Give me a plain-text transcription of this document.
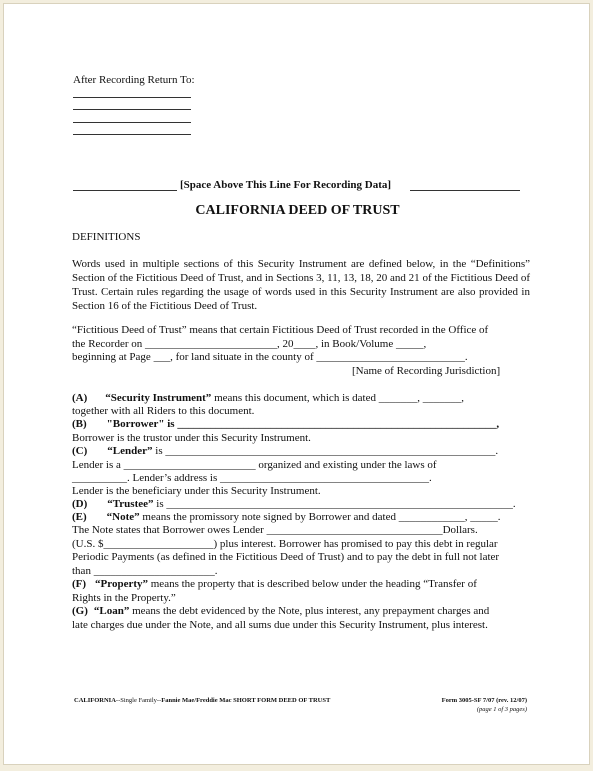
After Recording Return To:
[Space Above This Line For Recording Data]
CALIFORNIA DEED OF TRUST
DEFINITIONS
Words used in multiple sections of this Security Instrument are defined below, in the “Definitions” Section of the Fictitious Deed of Trust, and in Sections 3, 11, 13, 18, 20 and 21 of the Fictitious Deed of Trust. Certain rules regarding the usage of words used in this Security Instrument are also provided in Section 16 of the Fictitious Deed of Trust.
“Fictitious Deed of Trust” means that certain Fictitious Deed of Trust recorded in the Office of
the Recorder on ________________________, 20____, in Book/Volume _____,
beginning at Page ___, for land situate in the county of ___________________________.
[Name of Recording Jurisdiction]
(A) “Security Instrument” means this document, which is dated _______, _______,
together with all Riders to this document.
(B) "Borrower" is __________________________________________________________,
Borrower is the trustor under this Security Instrument.
(C) “Lender” is ____________________________________________________________.
Lender is a ________________________ organized and existing under the laws of
__________. Lender’s address is ______________________________________.
Lender is the beneficiary under this Security Instrument.
(D) “Trustee” is _______________________________________________________________.
(E) “Note” means the promissory note signed by Borrower and dated ____________, _____.
The Note states that Borrower owes Lender ________________________________Dollars.
(U.S. $____________________) plus interest. Borrower has promised to pay this debt in regular
Periodic Payments (as defined in the Fictitious Deed of Trust) and to pay the debt in full not later
than ______________________.
(F) “Property” means the property that is described below under the heading “Transfer of
Rights in the Property.”
(G) “Loan” means the debt evidenced by the Note, plus interest, any prepayment charges and
late charges due under the Note, and all sums due under this Security Instrument, plus interest.
CALIFORNIA--Single Family--Fannie Mae/Freddie Mac SHORT FORM DEED OF TRUST	Form 3005-SF 7/07 (rev. 12/07)
(page 1 of 3 pages)
